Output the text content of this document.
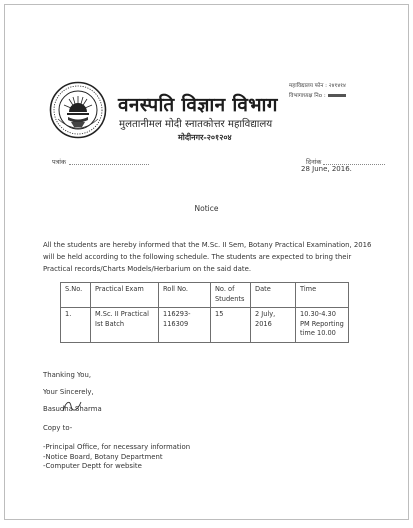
महाविद्यालय फोन : २४१४१४
विभागाध्यक्ष निo :
वनस्पति विज्ञान विभाग
मुलतानीमल मोदी स्नातकोत्तर महाविद्यालय
मोदीनगर-२०१२०४
पत्रांक	दिनांक
28 June, 2016.
Notice
All the students are hereby informed that the M.Sc. II Sem, Botany Practical Examination, 2016 will be held according to the following schedule. The students are expected to bring their Practical records/Charts Models/Herbarium on the said date.
S.No.	Practical Exam	Roll No.	No. of Students	Date	Time
1.	M.Sc. II Practical Ist Batch	116293-116309	15	2 July, 2016	10.30-4.30 PM Reporting time 10.00
Thanking You,
Your Sincerely,
Basudha Sharma
Copy to-
-Principal Office, for necessary information
-Notice Board, Botany Department
-Computer Deptt for website
